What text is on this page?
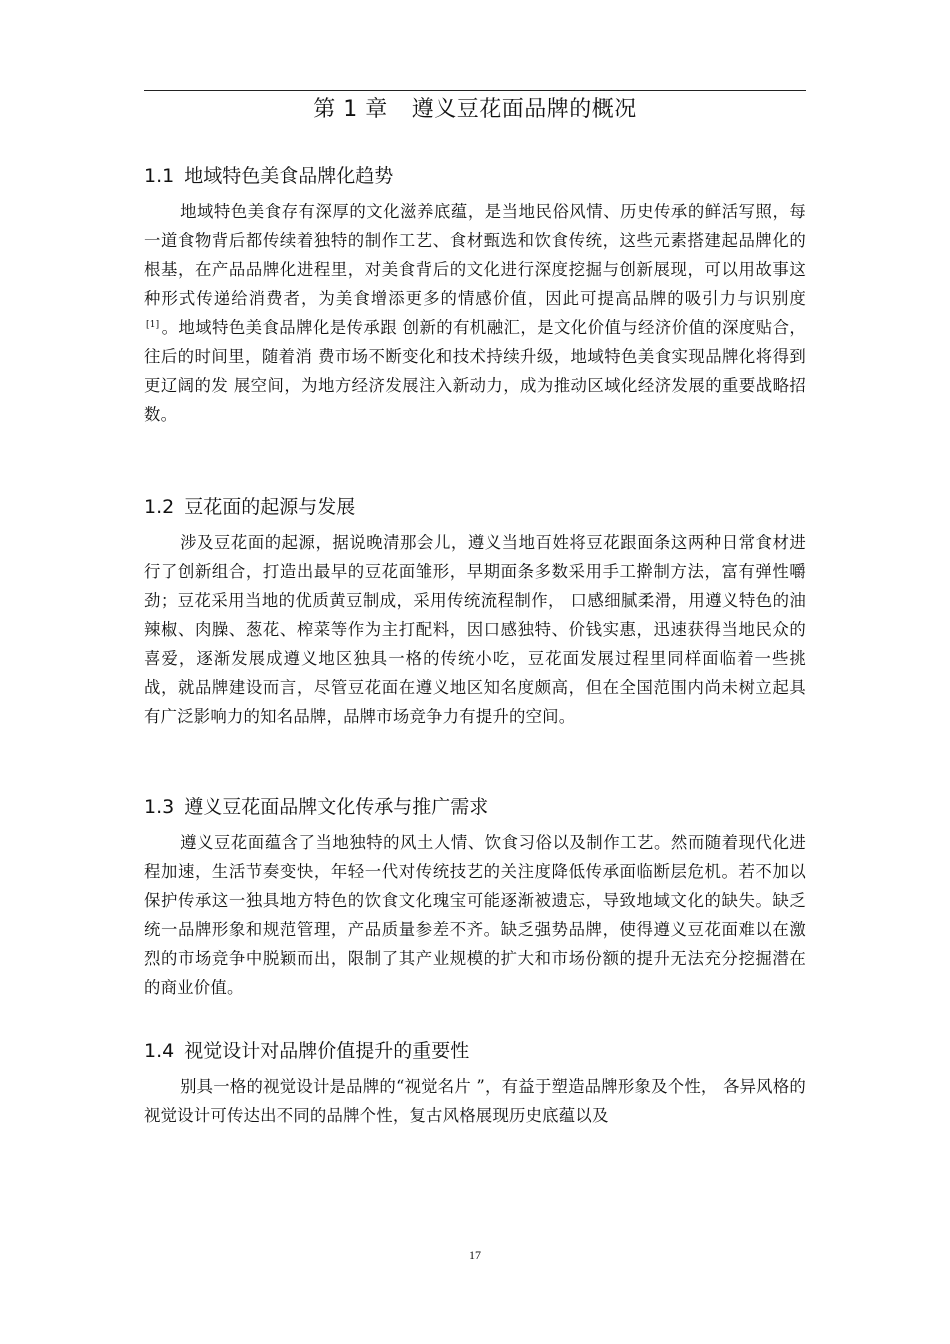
第 1 章 遵义豆花面品牌的概况
1.1 地域特色美食品牌化趋势

地域特色美食存有深厚的文化滋养底蕴，是当地民俗风情、历史传承的鲜活写照，每一道食物背后都传续着独特的制作工艺、食材甄选和饮食传统，这些元素搭建起品牌化的根基，在产品品牌化进程里，对美食背后的文化进行深度挖掘与创新展现，可以用故事这种形式传递给消费者，为美食增添更多的情感价值，因此可提高品牌的吸引力与识别度[1] 。地域特色美食品牌化是传承跟 创新的有机融汇，是文化价值与经济价值的深度贴合，往后的时间里，随着消 费市场不断变化和技术持续升级，地域特色美食实现品牌化将得到更辽阔的发 展空间，为地方经济发展注入新动力，成为推动区域化经济发展的重要战略招 数。

1.2 豆花面的起源与发展

涉及豆花面的起源，据说晚清那会儿，遵义当地百姓将豆花跟面条这两种日常食材进行了创新组合，打造出最早的豆花面雏形，早期面条多数采用手工擀制方法，富有弹性嚼劲；豆花采用当地的优质黄豆制成，采用传统流程制作， 口感细腻柔滑，用遵义特色的油辣椒、肉臊、葱花、榨菜等作为主打配料，因口感独特、价钱实惠，迅速获得当地民众的喜爱，逐渐发展成遵义地区独具一格的传统小吃，豆花面发展过程里同样面临着一些挑战，就品牌建设而言，尽管豆花面在遵义地区知名度颇高，但在全国范围内尚未树立起具有广泛影响力的知名品牌，品牌市场竞争力有提升的空间。

1.3 遵义豆花面品牌文化传承与推广需求

遵义豆花面蕴含了当地独特的风土人情、饮食习俗以及制作工艺。然而随着现代化进程加速，生活节奏变快，年轻一代对传统技艺的关注度降低传承面临断层危机。若不加以保护传承这一独具地方特色的饮食文化瑰宝可能逐渐被遗忘，导致地域文化的缺失。缺乏统一品牌形象和规范管理，产品质量参差不齐。缺乏强势品牌，使得遵义豆花面难以在激烈的市场竞争中脱颖而出，限制了其产业规模的扩大和市场份额的提升无法充分挖掘潜在的商业价值。

1.4 视觉设计对品牌价值提升的重要性

别具一格的视觉设计是品牌的“视觉名片 ”，有益于塑造品牌形象及个性， 各异风格的视觉设计可传达出不同的品牌个性，复古风格展现历史底蕴以及

17
